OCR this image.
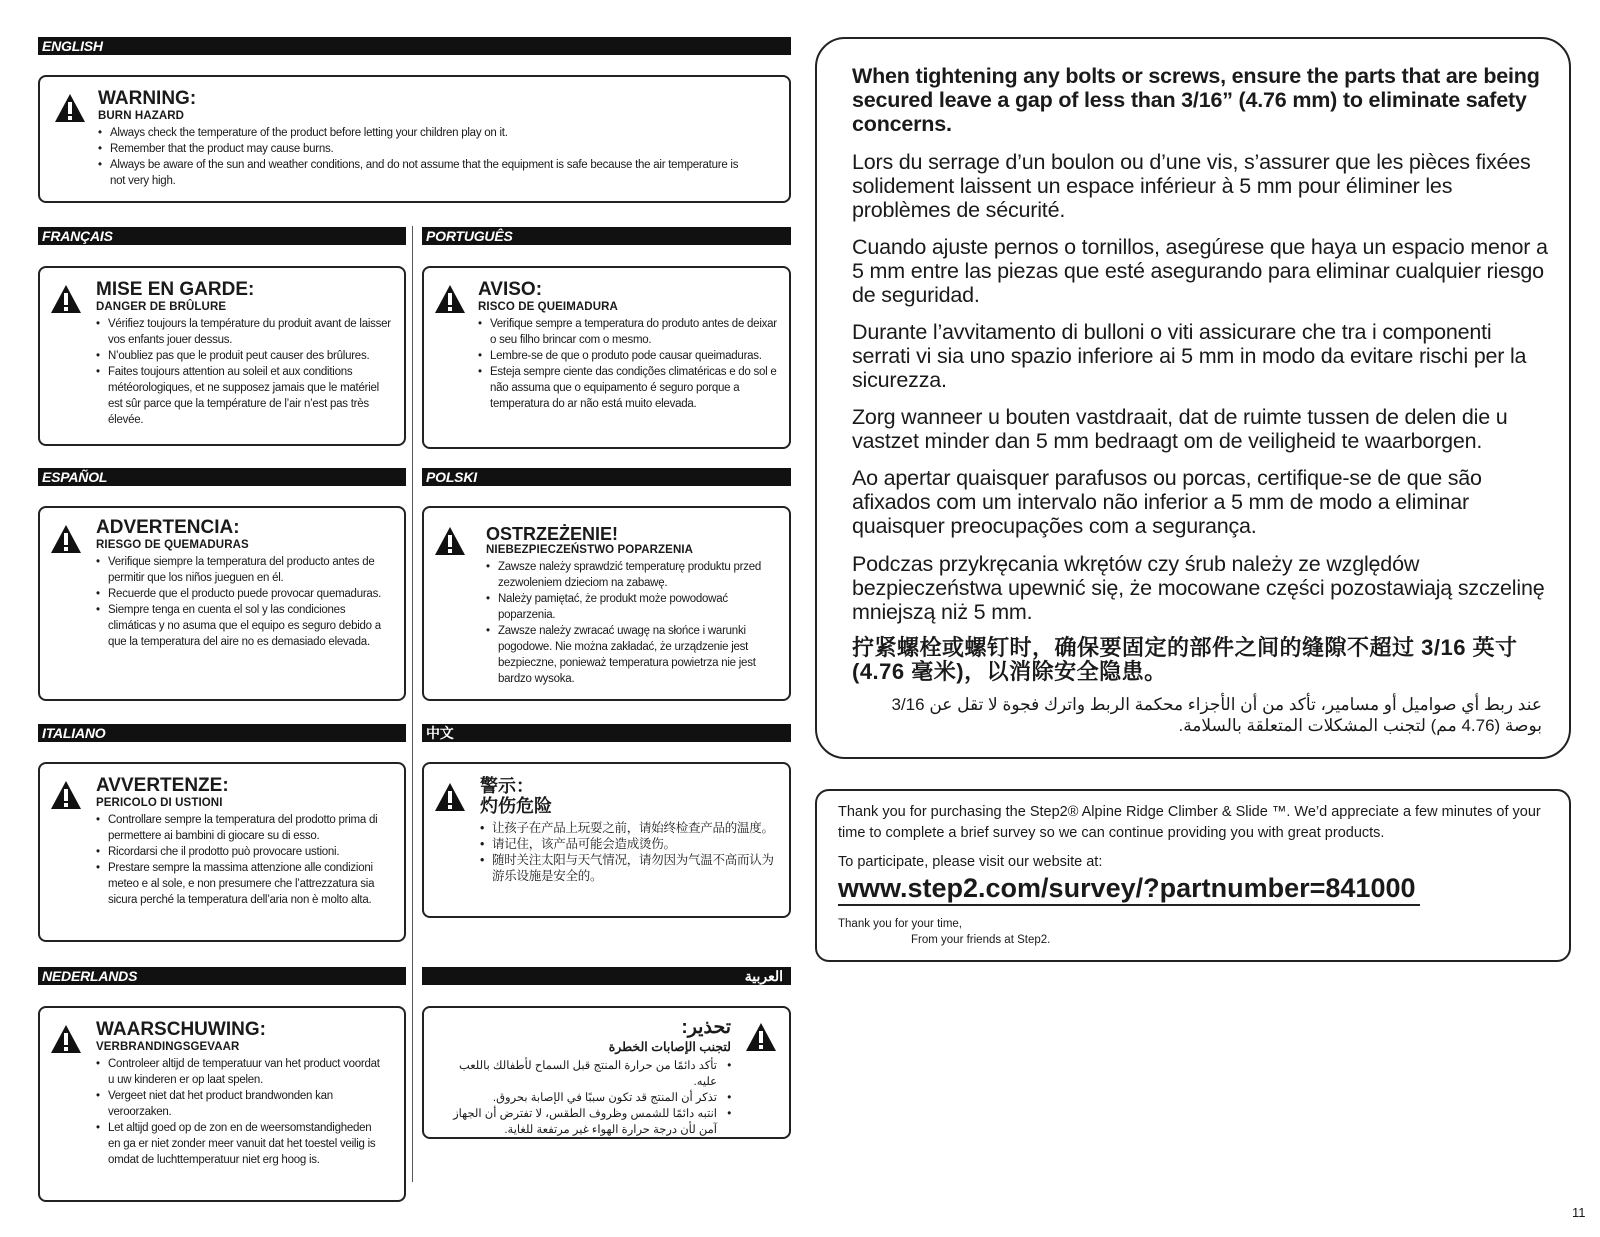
ENGLISH
WARNING:
BURN HAZARD
• Always check the temperature of the product before letting your children play on it.
• Remember that the product may cause burns.
• Always be aware of the sun and weather conditions, and do not assume that the equipment is safe because the air temperature is not very high.
FRANÇAIS
MISE EN GARDE:
DANGER DE BRÛLURE
• Vérifiez toujours la température du produit avant de laisser vos enfants jouer dessus.
• N’oubliez pas que le produit peut causer des brûlures.
• Faites toujours attention au soleil et aux conditions météorologiques, et ne supposez jamais que le matériel est sûr parce que la température de l’air n’est pas très élevée.
PORTUGUÊS
AVISO:
RISCO DE QUEIMADURA
• Verifique sempre a temperatura do produto antes de deixar o seu filho brincar com o mesmo.
• Lembre-se de que o produto pode causar queimaduras.
• Esteja sempre ciente das condições climatéricas e do sol e não assuma que o equipamento é seguro porque a temperatura do ar não está muito elevada.
ESPAÑOL
ADVERTENCIA:
RIESGO DE QUEMADURAS
• Verifique siempre la temperatura del producto antes de permitir que los niños jueguen en él.
• Recuerde que el producto puede provocar quemaduras.
• Siempre tenga en cuenta el sol y las condiciones climáticas y no asuma que el equipo es seguro debido a que la temperatura del aire no es demasiado elevada.
POLSKI
OSTRZEŻENIE!
NIEBEZPIECZEŃSTWO POPARZENIA
• Zawsze należy sprawdzić temperaturę produktu przed zezwoleniem dzieciom na zabawę.
• Należy pamiętać, że produkt może powodować poparzenia.
• Zawsze należy zwracać uwagę na słońce i warunki pogodowe. Nie można zakładać, że urządzenie jest bezpieczne, ponieważ temperatura powietrza nie jest bardzo wysoka.
ITALIANO
AVVERTENZE:
PERICOLO DI USTIONI
• Controllare sempre la temperatura del prodotto prima di permettere ai bambini di giocare su di esso.
• Ricordarsi che il prodotto può provocare ustioni.
• Prestare sempre la massima attenzione alle condizioni meteo e al sole, e non presumere che l’attrezzatura sia sicura perché la temperatura dell’aria non è molto alta.
中文
警示：
灼伤危险
• 让孩子在产品上玩耍之前，请始终检查产品的温度。
• 请记住，该产品可能会造成烫伤。
• 随时关注太阳与天气情况，请勿因为气温不高而认为游乐设施是安全的。
NEDERLANDS
WAARSCHUWING:
VERBRANDINGSGEVAAR
• Controleer altijd de temperatuur van het product voordat u uw kinderen er op laat spelen.
• Vergeet niet dat het product brandwonden kan veroorzaken.
• Let altijd goed op de zon en de weersomstandigheden en ga er niet zonder meer vanuit dat het toestel veilig is omdat de luchttemperatuur niet erg hoog is.
العربية
تحذير:
لتجنب الإصابات الخطرة
• تأكد دائمًا من حرارة المنتج قبل السماح لأطفالك باللعب عليه.
• تذكر أن المنتج قد تكون سببًا في الإصابة بحروق.
• انتبه دائمًا للشمس وظروف الطقس، لا تفترض أن الجهاز آمن لأن درجة حرارة الهواء غير مرتفعة للغاية.

When tightening any bolts or screws, ensure the parts that are being secured leave a gap of less than 3/16” (4.76 mm) to eliminate safety concerns.

Lors du serrage d’un boulon ou d’une vis, s’assurer que les pièces fixées solidement laissent un espace inférieur à 5 mm pour éliminer les problèmes de sécurité.

Cuando ajuste pernos o tornillos, asegúrese que haya un espacio menor a 5 mm entre las piezas que esté asegurando para eliminar cualquier riesgo de seguridad.

Durante l’avvitamento di bulloni o viti assicurare che tra i componenti serrati vi sia uno spazio inferiore ai 5 mm in modo da evitare rischi per la sicurezza.

Zorg wanneer u bouten vastdraait, dat de ruimte tussen de delen die u vastzet minder dan 5 mm bedraagt om de veiligheid te waarborgen.

Ao apertar quaisquer parafusos ou porcas, certifique-se de que são afixados com um intervalo não inferior a 5 mm de modo a eliminar quaisquer preocupações com a segurança.

Podczas przykręcania wkrętów czy śrub należy ze względów bezpieczeństwa upewnić się, że mocowane części pozostawiają szczelinę mniejszą niż 5 mm.

拧紧螺栓或螺钉时，确保要固定的部件之间的缝隙不超过 3/16 英寸(4.76 毫米)，以消除安全隐患。

عند ربط أي صواميل أو مسامير، تأكد من أن الأجزاء محكمة الربط واترك فجوة لا تقل عن 3/16 بوصة (4.76 مم) لتجنب المشكلات المتعلقة بالسلامة.

Thank you for purchasing the Step2® Alpine Ridge Climber & Slide ™. We’d appreciate a few minutes of your time to complete a brief survey so we can continue providing you with great products.

To participate, please visit our website at:

www.step2.com/survey/?partnumber=841000
Thank you for your time,
From your friends at Step2.
11
